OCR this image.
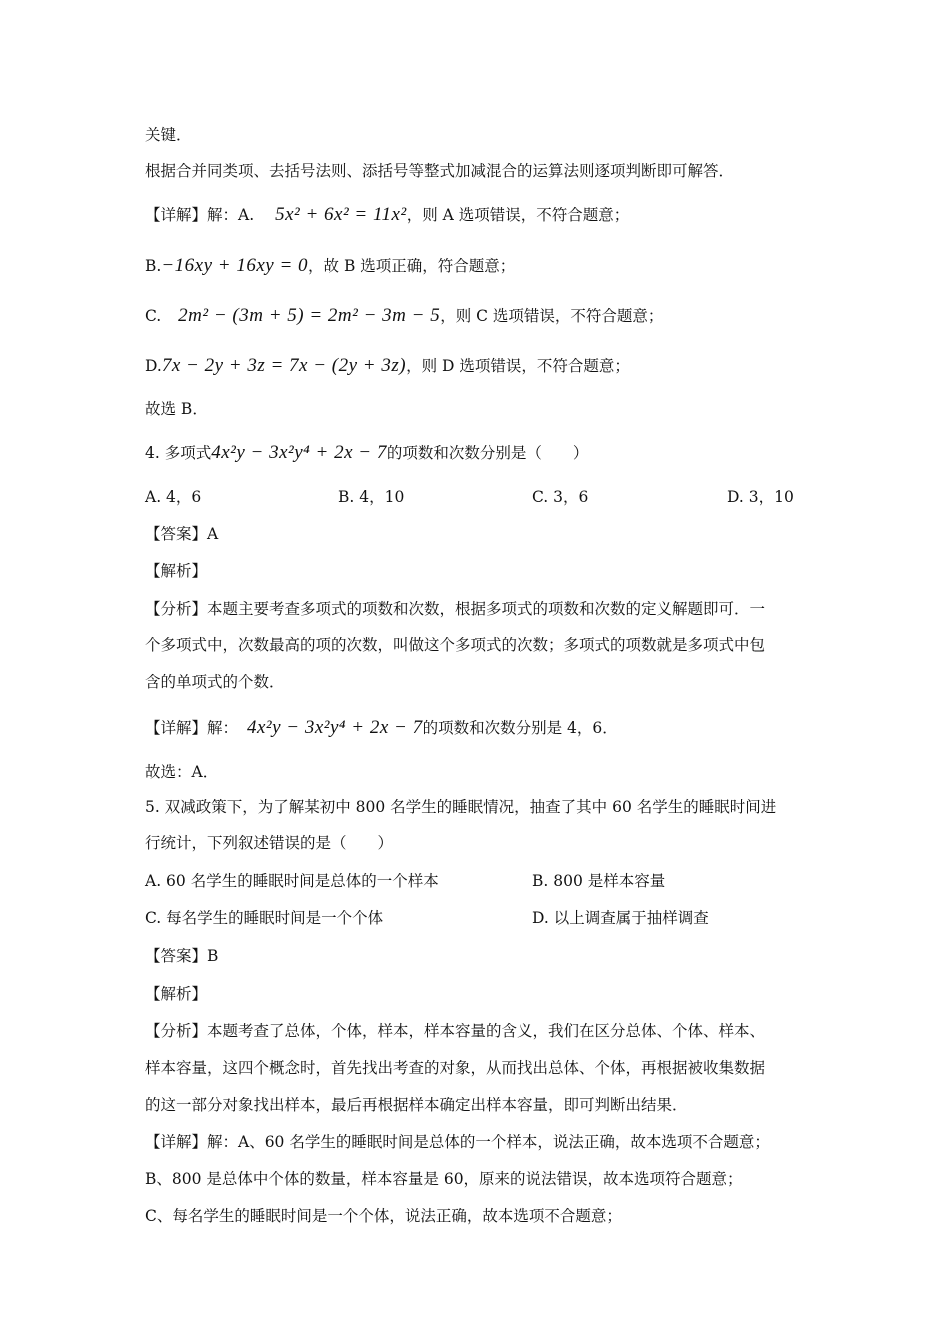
关键．
根据合并同类项、去括号法则、添括号等整式加减混合的运算法则逐项判断即可解答．
【详解】解：A. 5x² + 6x² = 11x²，则 A 选项错误，不符合题意；
B.−16xy + 16xy = 0，故 B 选项正确，符合题意；
C. 2m² − (3m + 5) = 2m² − 3m − 5，则 C 选项错误，不符合题意；
D.7x − 2y + 3z = 7x − (2y + 3z)，则 D 选项错误，不符合题意；
故选 B．
4. 多项式4x²y − 3x²y⁴ + 2x − 7的项数和次数分别是（　　）
A. 4，6	B. 4，10	C. 3，6	D. 3，10
【答案】A
【解析】
【分析】本题主要考查多项式的项数和次数，根据多项式的项数和次数的定义解题即可．一
个多项式中，次数最高的项的次数，叫做这个多项式的次数；多项式的项数就是多项式中包
含的单项式的个数．
【详解】解： 4x²y − 3x²y⁴ + 2x − 7的项数和次数分别是 4，6．
故选：A．
5. 双减政策下，为了解某初中 800 名学生的睡眠情况，抽查了其中 60 名学生的睡眠时间进
行统计，下列叙述错误的是（　　）
A. 60 名学生的睡眠时间是总体的一个样本	B. 800 是样本容量
C. 每名学生的睡眠时间是一个个体	D. 以上调查属于抽样调查
【答案】B
【解析】
【分析】本题考查了总体，个体，样本，样本容量的含义，我们在区分总体、个体、样本、
样本容量，这四个概念时，首先找出考查的对象，从而找出总体、个体，再根据被收集数据
的这一部分对象找出样本，最后再根据样本确定出样本容量，即可判断出结果．
【详解】解：A、60 名学生的睡眠时间是总体的一个样本，说法正确，故本选项不合题意；
B、800 是总体中个体的数量，样本容量是 60，原来的说法错误，故本选项符合题意；
C、每名学生的睡眠时间是一个个体，说法正确，故本选项不合题意；
